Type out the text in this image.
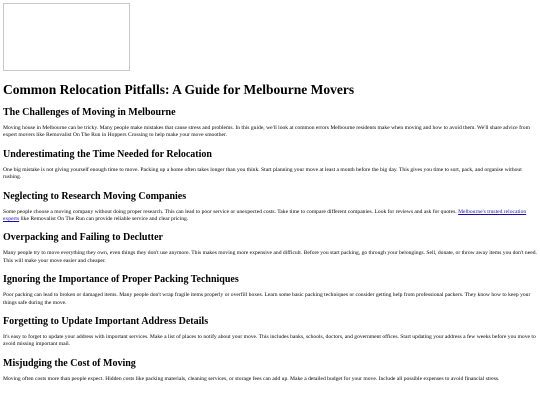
Common Relocation Pitfalls: A Guide for Melbourne Movers
The Challenges of Moving in Melbourne

Moving house in Melbourne can be tricky. Many people make mistakes that cause stress and problems. In this guide, we'll look at common errors Melbourne residents make when moving and how to avoid them. We'll share advice from expert movers like Removalist On The Run in Hoppers Crossing to help make your move smoother.

Underestimating the Time Needed for Relocation

One big mistake is not giving yourself enough time to move. Packing up a home often takes longer than you think. Start planning your move at least a month before the big day. This gives you time to sort, pack, and organise without rushing.

Neglecting to Research Moving Companies

Some people choose a moving company without doing proper research. This can lead to poor service or unexpected costs. Take time to compare different companies. Look for reviews and ask for quotes. Melbourne's trusted relocation experts like Removalist On The Run can provide reliable service and clear pricing.

Overpacking and Failing to Declutter

Many people try to move everything they own, even things they don't use anymore. This makes moving more expensive and difficult. Before you start packing, go through your belongings. Sell, donate, or throw away items you don't need. This will make your move easier and cheaper.

Ignoring the Importance of Proper Packing Techniques

Poor packing can lead to broken or damaged items. Many people don't wrap fragile items properly or overfill boxes. Learn some basic packing techniques or consider getting help from professional packers. They know how to keep your things safe during the move.

Forgetting to Update Important Address Details

It's easy to forget to update your address with important services. Make a list of places to notify about your move. This includes banks, schools, doctors, and government offices. Start updating your address a few weeks before you move to avoid missing important mail.

Misjudging the Cost of Moving

Moving often costs more than people expect. Hidden costs like packing materials, cleaning services, or storage fees can add up. Make a detailed budget for your move. Include all possible expenses to avoid financial stress.
